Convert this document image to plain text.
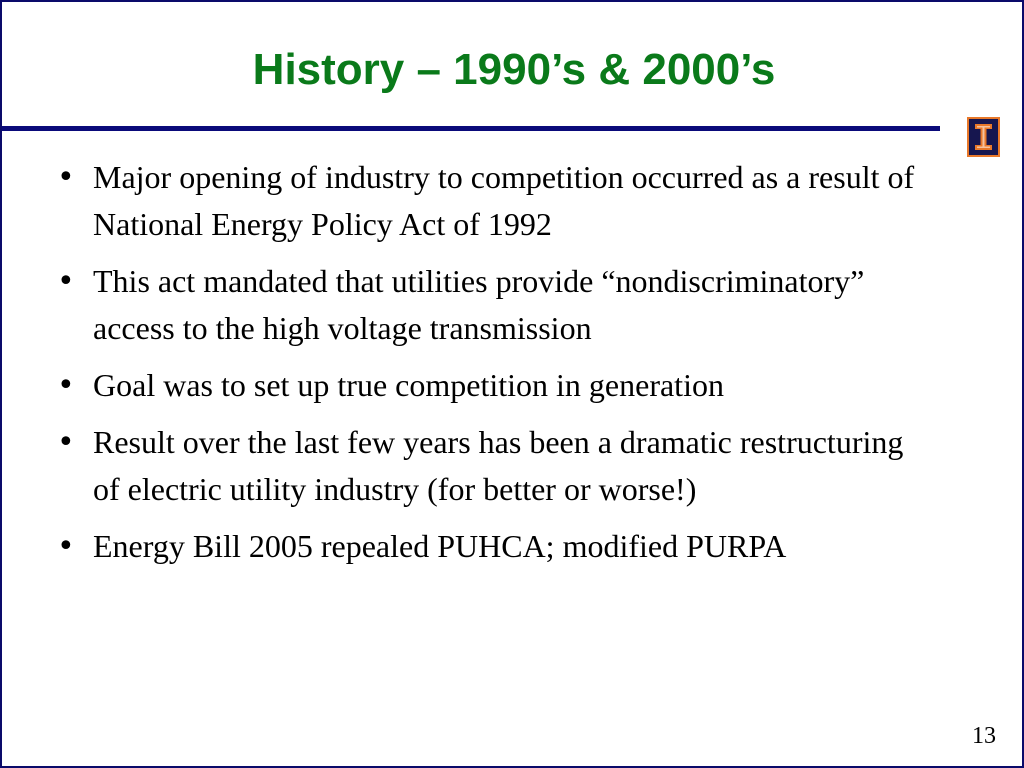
History – 1990’s & 2000’s
• Major opening of industry to competition occurred as a result of National Energy Policy Act of 1992
• This act mandated that utilities provide “nondiscriminatory” access to the high voltage transmission
• Goal was to set up true competition in generation
• Result over the last few years has been a dramatic restructuring of electric utility industry (for better or worse!)
• Energy Bill 2005 repealed PUHCA; modified PURPA
13
